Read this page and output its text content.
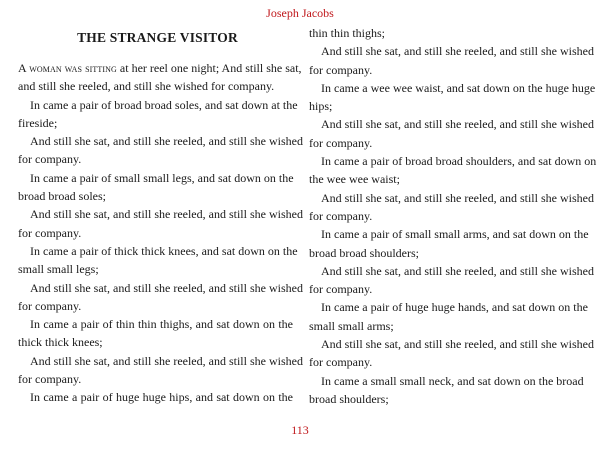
Joseph Jacobs
THE STRANGE VISITOR
A woman was sitting at her reel one night; And still she sat,
and still she reeled, and still she wished for company.
In came a pair of broad broad soles, and sat down at the
fireside;
And still she sat, and still she reeled, and still she wished
for company.
In came a pair of small small legs, and sat down on the
broad broad soles;
And still she sat, and still she reeled, and still she wished
for company.
In came a pair of thick thick knees, and sat down on the
small small legs;
And still she sat, and still she reeled, and still she wished
for company.
In came a pair of thin thin thighs, and sat down on the
thick thick knees;
And still she sat, and still she reeled, and still she wished
for company.
In came a pair of huge huge hips, and sat down on the
thin thin thighs;
And still she sat, and still she reeled, and still she wished
for company.
In came a wee wee waist, and sat down on the huge huge
hips;
And still she sat, and still she reeled, and still she wished
for company.
In came a pair of broad broad shoulders, and sat down on
the wee wee waist;
And still she sat, and still she reeled, and still she wished
for company.
In came a pair of small small arms, and sat down on the
broad broad shoulders;
And still she sat, and still she reeled, and still she wished
for company.
In came a pair of huge huge hands, and sat down on the
small small arms;
And still she sat, and still she reeled, and still she wished
for company.
In came a small small neck, and sat down on the broad
broad shoulders;
113
